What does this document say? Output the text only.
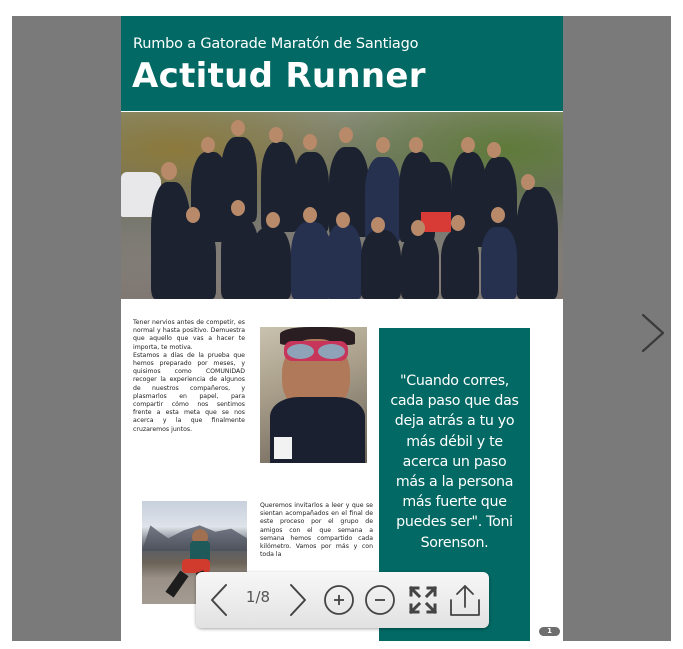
Rumbo a Gatorade Maratón de Santiago
Actitud Runner
Tener nervios antes de competir, es normal y hasta positivo. Demuestra que aquello que vas a hacer te importa, te motiva.
Estamos a días de la prueba que hemos preparado por meses, y quisimos como COMUNIDAD recoger la experiencia de algunos de nuestros compañeros, y plasmarlos en papel, para compartir cómo nos sentimos frente a esta meta que se nos acerca y la que finalmente cruzaremos juntos.
Queremos invitarlos a leer y que se sientan acompañados en el final de este proceso por el grupo de amigos con el que semana a semana hemos compartido cada kilómetro. Vamos por más y con toda la
"Cuando corres, cada paso que das deja atrás a tu yo más débil y te acerca un paso más a la persona más fuerte que puedes ser". Toni Sorenson.
1
1/8
